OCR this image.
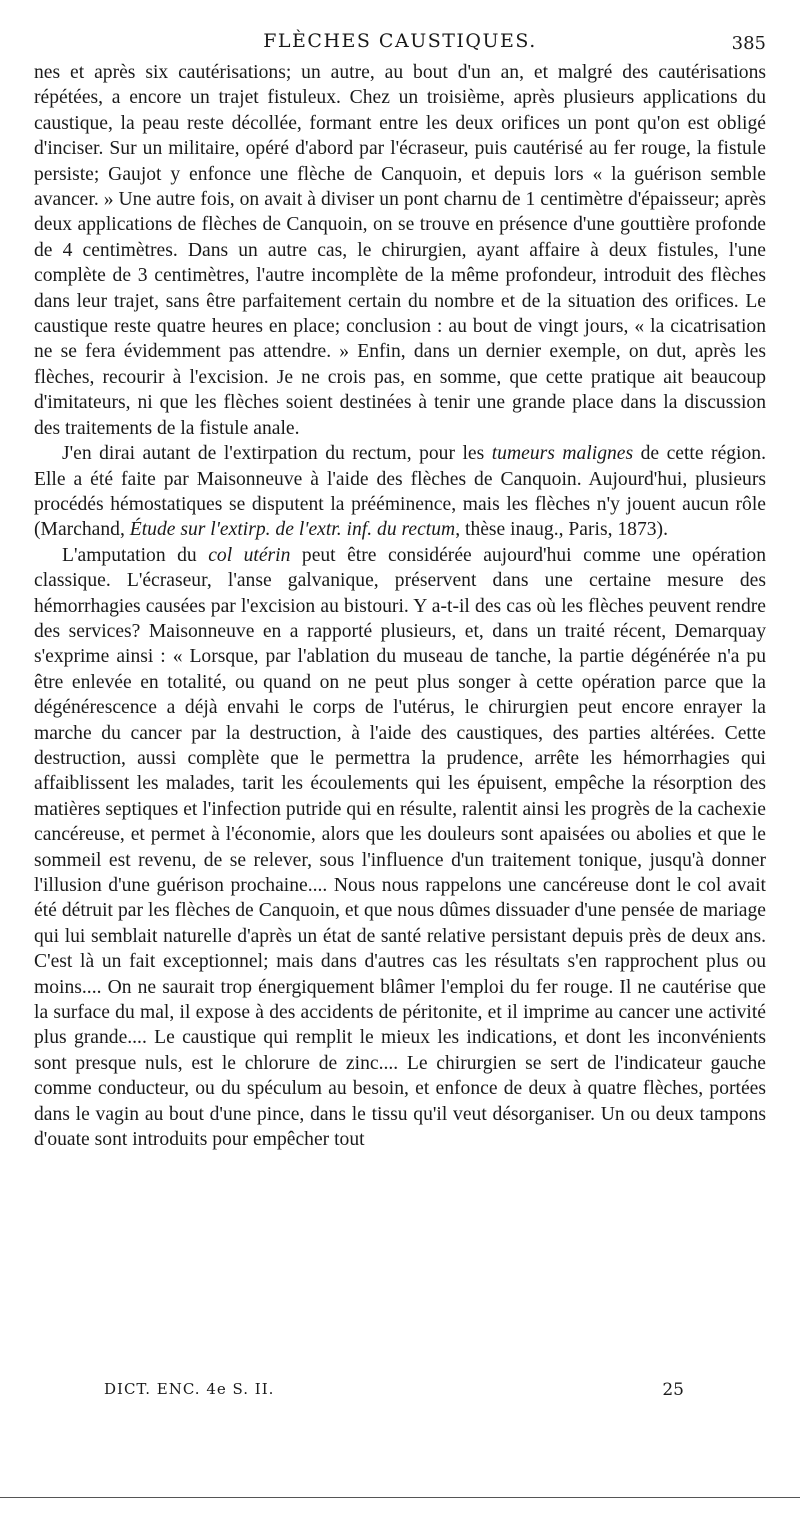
FLÈCHES CAUSTIQUES.	385

nes et après six cautérisations; un autre, au bout d'un an, et malgré des cautérisations répétées, a encore un trajet fistuleux. Chez un troisième, après plusieurs applications du caustique, la peau reste décollée, formant entre les deux orifices un pont qu'on est obligé d'inciser. Sur un militaire, opéré d'abord par l'écraseur, puis cautérisé au fer rouge, la fistule persiste; Gaujot y enfonce une flèche de Canquoin, et depuis lors « la guérison semble avancer. » Une autre fois, on avait à diviser un pont charnu de 1 centimètre d'épaisseur; après deux applications de flèches de Canquoin, on se trouve en présence d'une gouttière profonde de 4 centimètres. Dans un autre cas, le chirurgien, ayant affaire à deux fistules, l'une complète de 3 centimètres, l'autre incomplète de la même profondeur, introduit des flèches dans leur trajet, sans être parfaitement certain du nombre et de la situation des orifices. Le caustique reste quatre heures en place; conclusion : au bout de vingt jours, « la cicatrisation ne se fera évidemment pas attendre. » Enfin, dans un dernier exemple, on dut, après les flèches, recourir à l'excision. Je ne crois pas, en somme, que cette pratique ait beaucoup d'imitateurs, ni que les flèches soient destinées à tenir une grande place dans la discussion des traitements de la fistule anale.

J'en dirai autant de l'extirpation du rectum, pour les tumeurs malignes de cette région. Elle a été faite par Maisonneuve à l'aide des flèches de Canquoin. Aujourd'hui, plusieurs procédés hémostatiques se disputent la prééminence, mais les flèches n'y jouent aucun rôle (Marchand, Étude sur l'extirp. de l'extr. inf. du rectum, thèse inaug., Paris, 1873).

L'amputation du col utérin peut être considérée aujourd'hui comme une opération classique. L'écraseur, l'anse galvanique, préservent dans une certaine mesure des hémorrhagies causées par l'excision au bistouri. Y a-t-il des cas où les flèches peuvent rendre des services? Maisonneuve en a rapporté plusieurs, et, dans un traité récent, Demarquay s'exprime ainsi : « Lorsque, par l'ablation du museau de tanche, la partie dégénérée n'a pu être enlevée en totalité, ou quand on ne peut plus songer à cette opération parce que la dégénérescence a déjà envahi le corps de l'utérus, le chirurgien peut encore enrayer la marche du cancer par la destruction, à l'aide des caustiques, des parties altérées. Cette destruction, aussi complète que le permettra la prudence, arrête les hémorrhagies qui affaiblissent les malades, tarit les écoulements qui les épuisent, empêche la résorption des matières septiques et l'infection putride qui en résulte, ralentit ainsi les progrès de la cachexie cancéreuse, et permet à l'économie, alors que les douleurs sont apaisées ou abolies et que le sommeil est revenu, de se relever, sous l'influence d'un traitement tonique, jusqu'à donner l'illusion d'une guérison prochaine.... Nous nous rappelons une cancéreuse dont le col avait été détruit par les flèches de Canquoin, et que nous dûmes dissuader d'une pensée de mariage qui lui semblait naturelle d'après un état de santé relative persistant depuis près de deux ans. C'est là un fait exceptionnel; mais dans d'autres cas les résultats s'en rapprochent plus ou moins.... On ne saurait trop énergiquement blâmer l'emploi du fer rouge. Il ne cautérise que la surface du mal, il expose à des accidents de péritonite, et il imprime au cancer une activité plus grande.... Le caustique qui remplit le mieux les indications, et dont les inconvénients sont presque nuls, est le chlorure de zinc.... Le chirurgien se sert de l'indicateur gauche comme conducteur, ou du spéculum au besoin, et enfonce de deux à quatre flèches, portées dans le vagin au bout d'une pince, dans le tissu qu'il veut désorganiser. Un ou deux tampons d'ouate sont introduits pour empêcher tout

DICT. ENC. 4e S. II.	25
